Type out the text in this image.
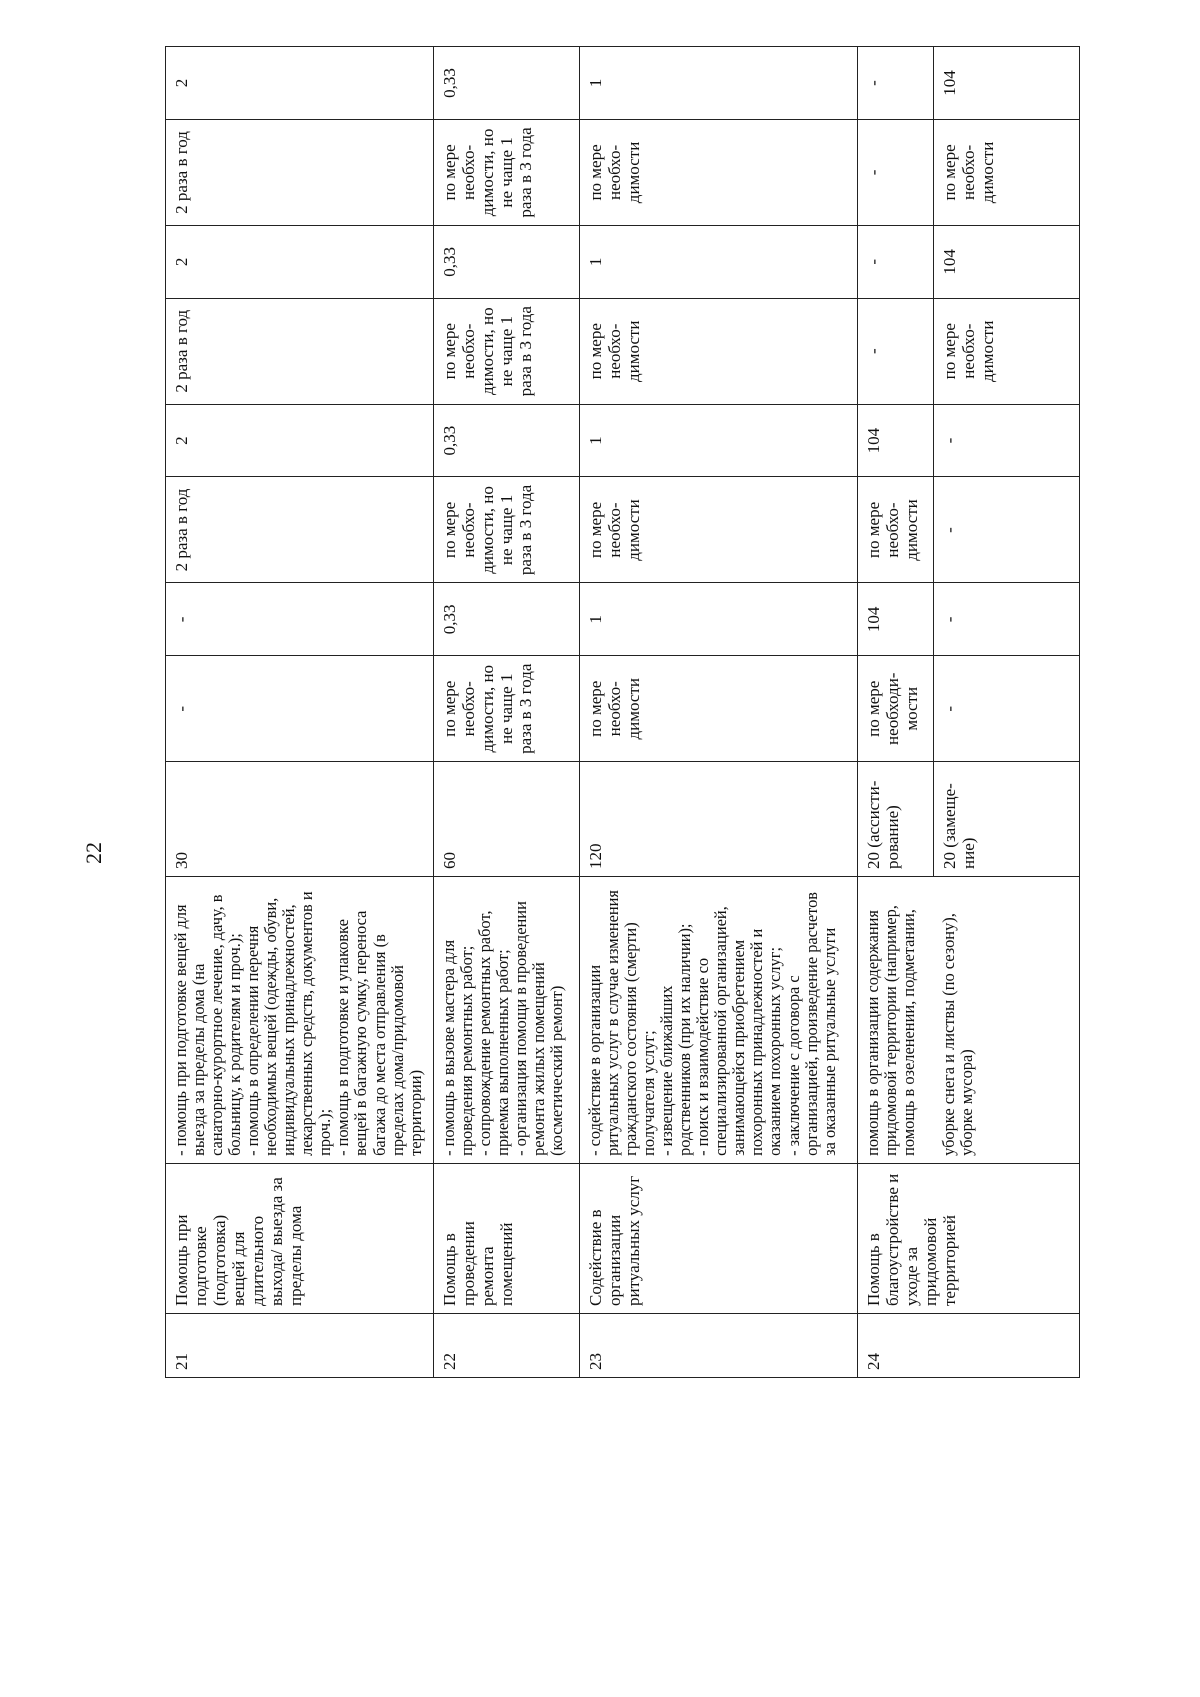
22
21	Помощь при подготовке (подготовка) вещей для длительного выхода/ выезда за пределы дома	- помощь при подготовке вещей для выезда за пределы дома (на санаторно-курортное лечение, дачу, в больницу, к родителям и проч.);
- помощь в определении перечня необходимых вещей (одежды, обуви, индивидуальных принадлежностей, лекарственных средств, документов и проч.);
- помощь в подготовке и упаковке вещей в багажную сумку, переноса багажа до места отправления (в пределах дома/придомовой территории)	30	-	-	2 раза в год	2	2 раза в год	2	2 раза в год	2
22	Помощь в проведении ремонта помещений	- помощь в вызове мастера для проведения ремонтных работ;
- сопровождение ремонтных работ, приемка выполненных работ;
- организация помощи в проведении ремонта жилых помещений (косметический ремонт)	60	по мере необхо-димости, но не чаще 1 раза в 3 года	0,33	по мере необхо-димости, но не чаще 1 раза в 3 года	0,33	по мере необхо-димости, но не чаще 1 раза в 3 года	0,33	по мере необхо-димости, но не чаще 1 раза в 3 года	0,33
23	Содействие в организации ритуальных услуг	- содействие в организации ритуальных услуг в случае изменения гражданского состояния (смерти) получателя услуг;
- извещение ближайших родственников (при их наличии);
- поиск и взаимодействие со специализированной организацией, занимающейся приобретением похоронных принадлежностей и оказанием похоронных услуг;
- заключение с договора с организацией, произведение расчетов за оказанные ритуальные услуги	120	по мере необхо-димости	1	по мере необхо-димости	1	по мере необхо-димости	1	по мере необхо-димости	1
24	Помощь в благоустройстве и уходе за придомовой территорией	помощь в организации содержания придомовой территории (например, помощь в озеленении, подметании,	20 (ассисти-рование)	по мере необходи-мости	104	по мере необхо-димости	104	-	-	-	-
		уборке снега и листвы (по сезону), уборке мусора)	20 (замеще-ние)	-	-	-	-	по мере необхо-димости	104	по мере необхо-димости	104
